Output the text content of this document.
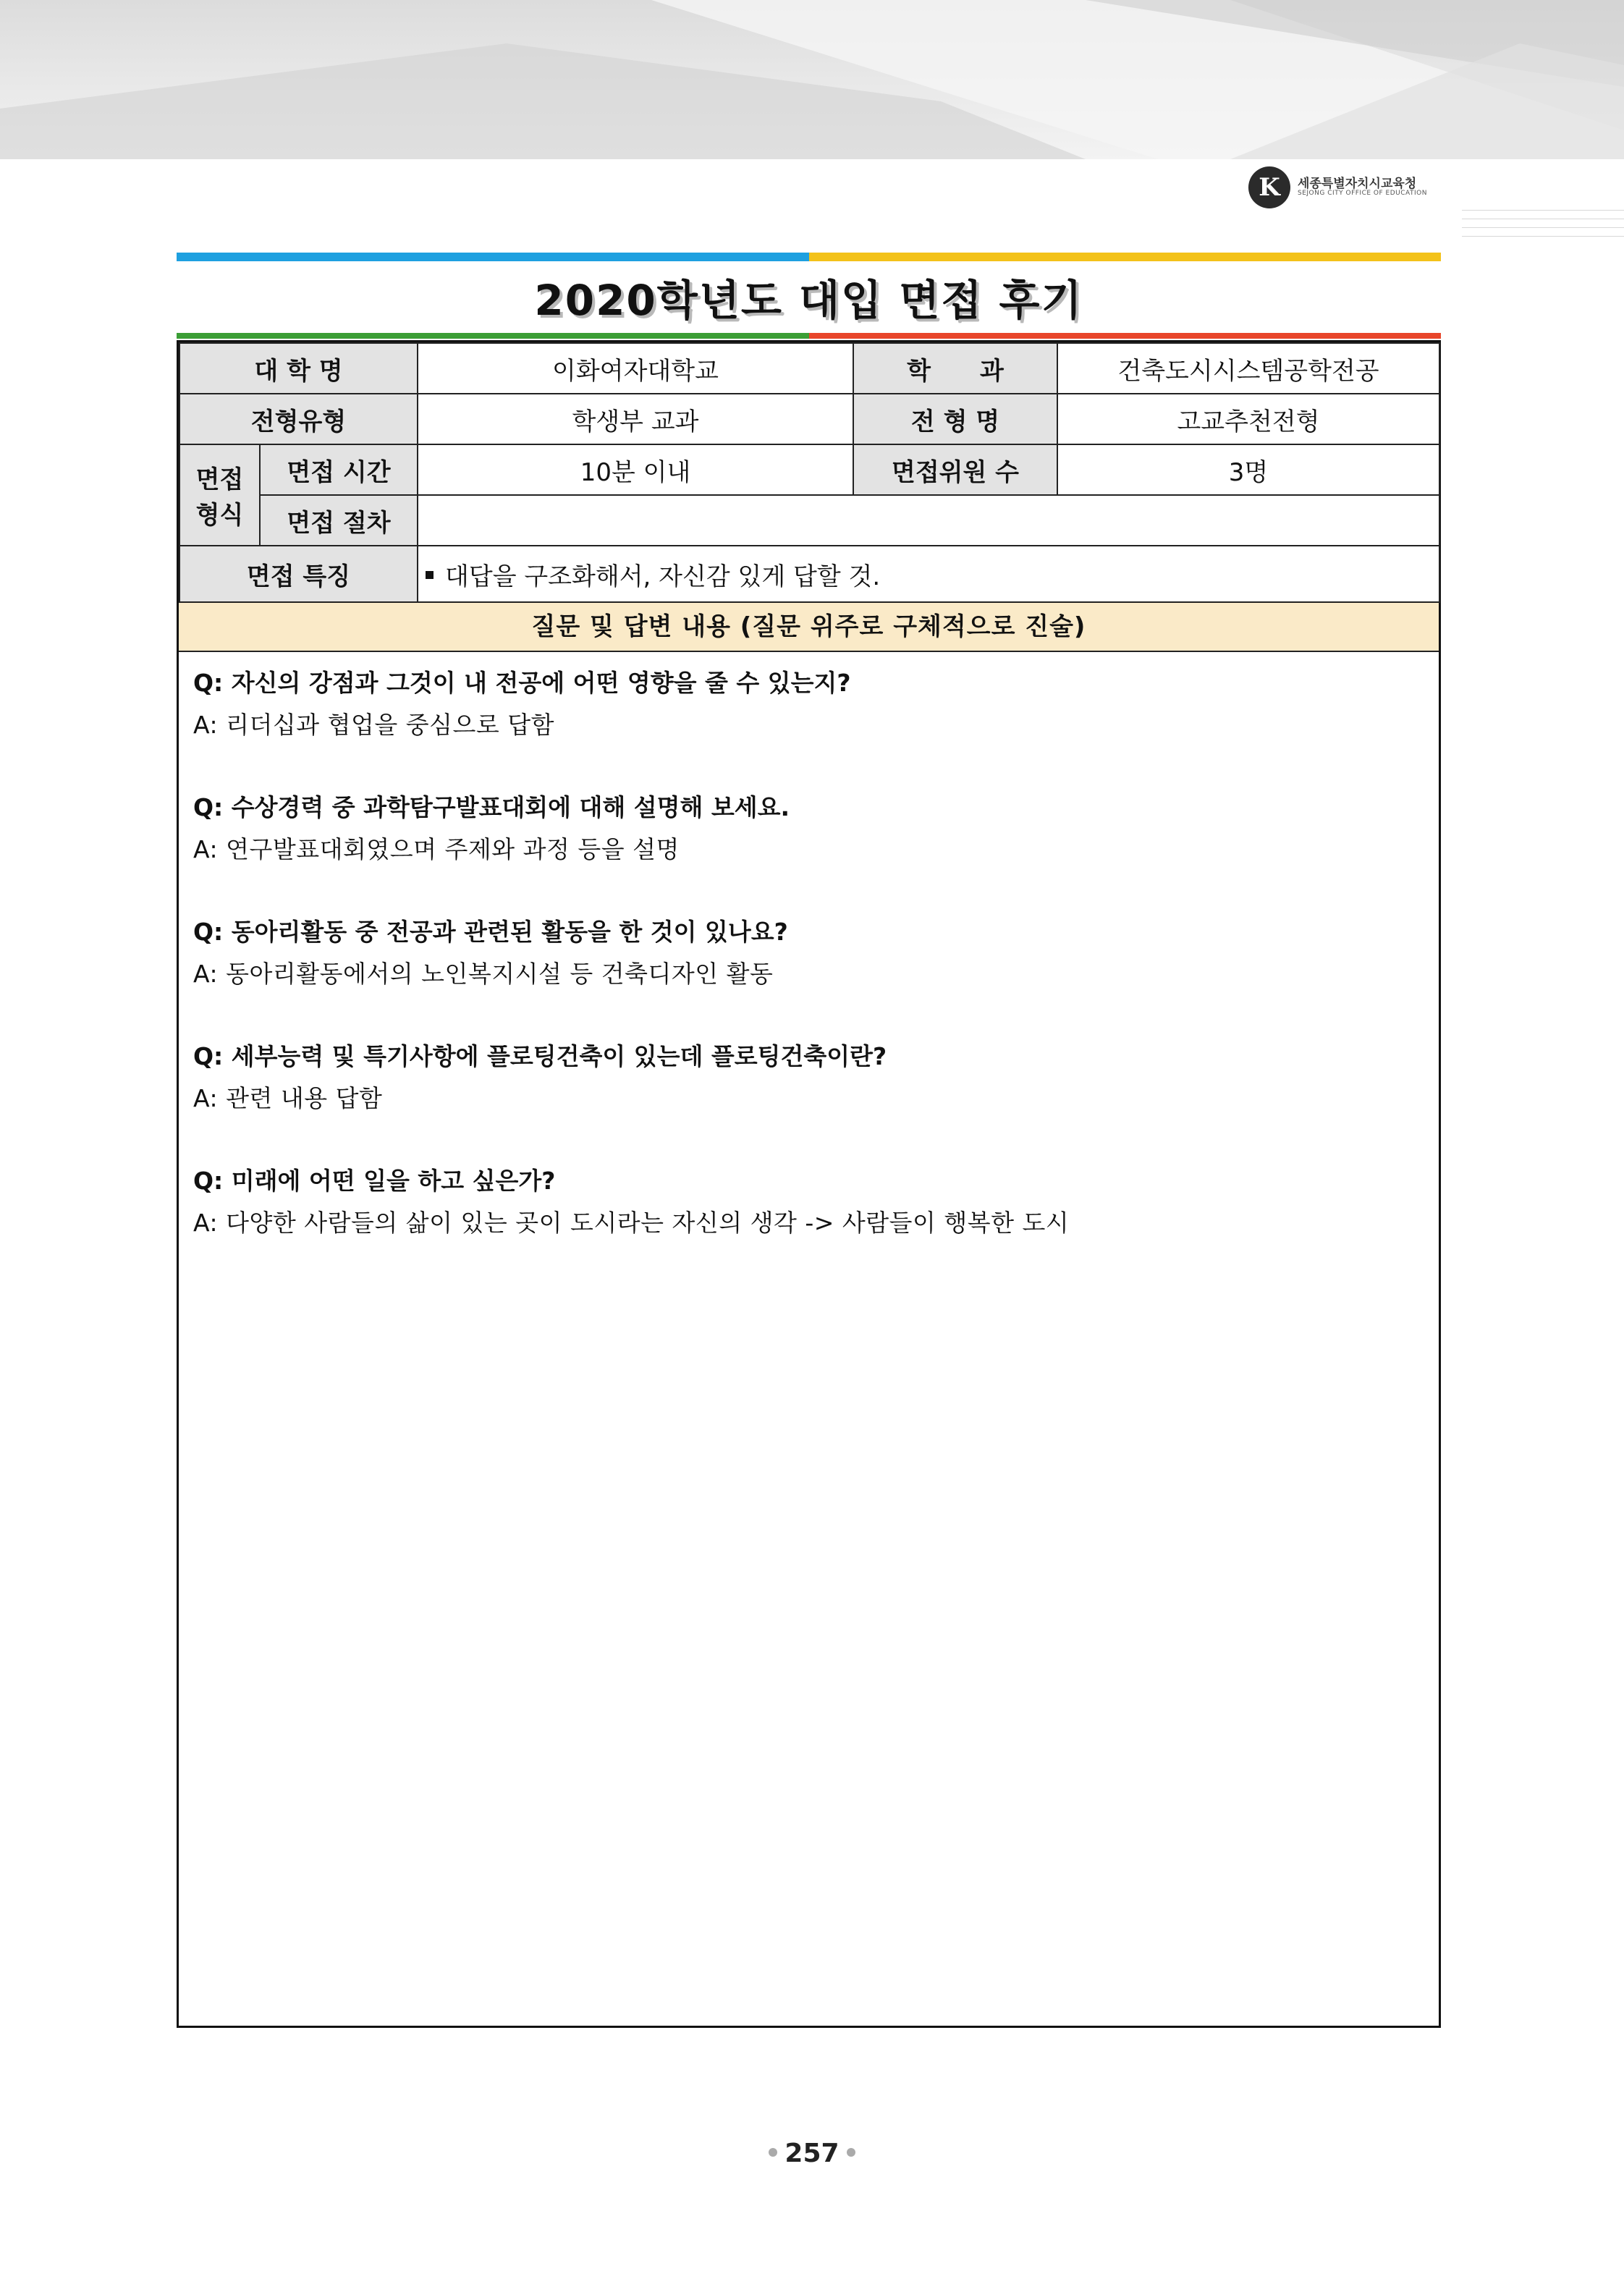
K	세종특별자치시교육청
SEJONG CITY OFFICE OF EDUCATION
2020학년도 대입 면접 후기
대 학 명		이화여자대학교	학　　과	건축도시시스템공학전공
전형유형		학생부 교과	전 형 명	고교추천전형
면접
형식	면접 시간	10분 이내	면접위원 수	3명
	면접 절차			
면접 특징		대답을 구조화해서, 자신감 있게 답할 것.		
질문 및 답변 내용 (질문 위주로 구체적으로 진술)
Q: 자신의 강점과 그것이 내 전공에 어떤 영향을 줄 수 있는지?
A: 리더십과 협업을 중심으로 답함
Q: 수상경력 중 과학탐구발표대회에 대해 설명해 보세요.
A: 연구발표대회였으며 주제와 과정 등을 설명
Q: 동아리활동 중 전공과 관련된 활동을 한 것이 있나요?
A: 동아리활동에서의 노인복지시설 등 건축디자인 활동
Q: 세부능력 및 특기사항에 플로팅건축이 있는데 플로팅건축이란?
A: 관련 내용 답함
Q: 미래에 어떤 일을 하고 싶은가?
A: 다양한 사람들의 삶이 있는 곳이 도시라는 자신의 생각 -> 사람들이 행복한 도시
257
